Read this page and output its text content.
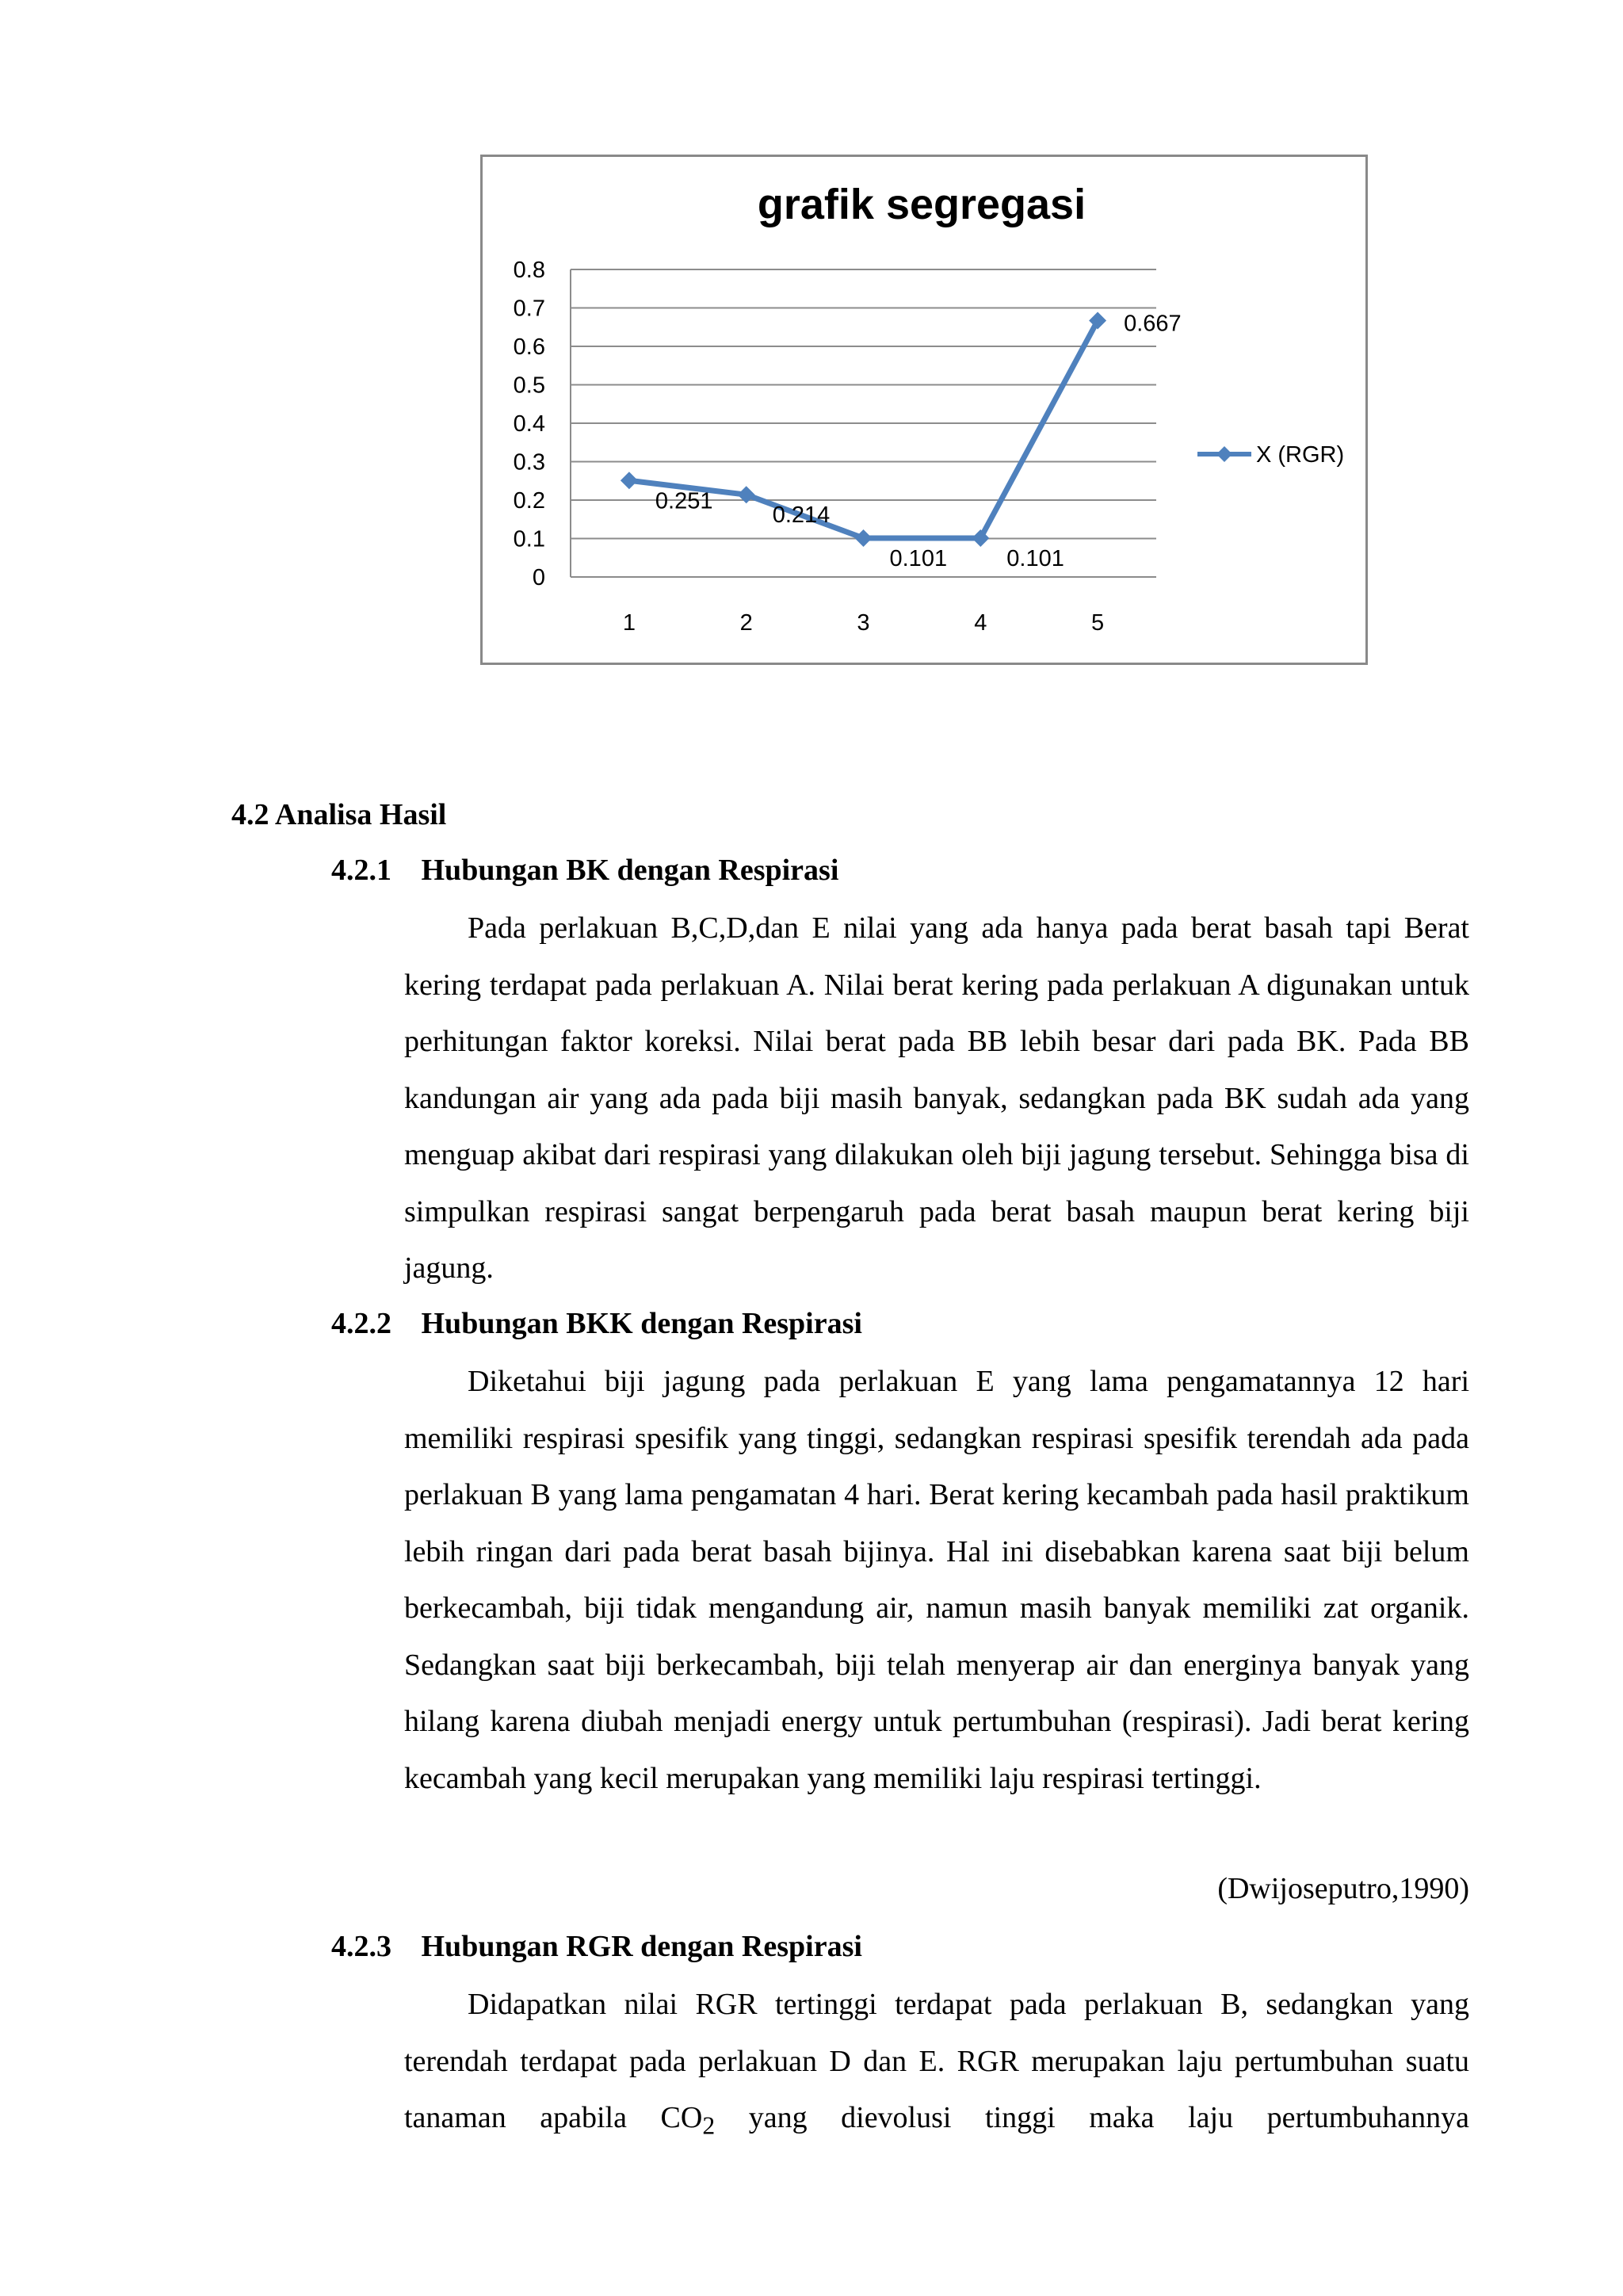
0
0.1
0.2
0.3
0.4
0.5
0.6
0.7
0.8
1	2	3	4	5
0.251
0.214
0.101	0.101
0.667
X (RGR)
grafik segregasi
4.2 Analisa Hasil
4.2.1 Hubungan BK dengan Respirasi

Pada perlakuan B,C,D,dan E nilai yang ada hanya pada berat basah tapi Berat kering terdapat pada perlakuan A. Nilai berat kering pada perlakuan A digunakan untuk perhitungan faktor koreksi. Nilai berat pada BB lebih besar dari pada BK. Pada BB kandungan air yang ada pada biji masih banyak, sedangkan pada BK sudah ada yang menguap akibat dari respirasi yang dilakukan oleh biji jagung tersebut. Sehingga bisa di simpulkan respirasi sangat berpengaruh pada berat basah maupun berat kering biji jagung.

4.2.2 Hubungan BKK dengan Respirasi

Diketahui biji jagung pada perlakuan E yang lama pengamatannya 12 hari memiliki respirasi spesifik yang tinggi, sedangkan respirasi spesifik terendah ada pada perlakuan B yang lama pengamatan 4 hari. Berat kering kecambah pada hasil praktikum lebih ringan dari pada berat basah bijinya. Hal ini disebabkan karena saat biji belum berkecambah, biji tidak mengandung air, namun masih banyak memiliki zat organik. Sedangkan saat biji berkecambah, biji telah menyerap air dan energinya banyak yang hilang karena diubah menjadi energy untuk pertumbuhan (respirasi). Jadi berat kering kecambah yang kecil merupakan yang memiliki laju respirasi tertinggi.

(Dwijoseputro,1990)

4.2.3 Hubungan RGR dengan Respirasi

Didapatkan nilai RGR tertinggi terdapat pada perlakuan B, sedangkan yang terendah terdapat pada perlakuan D dan E. RGR merupakan laju pertumbuhan suatu tanaman apabila $CO_2$ yang dievolusi tinggi maka laju pertumbuhannya
